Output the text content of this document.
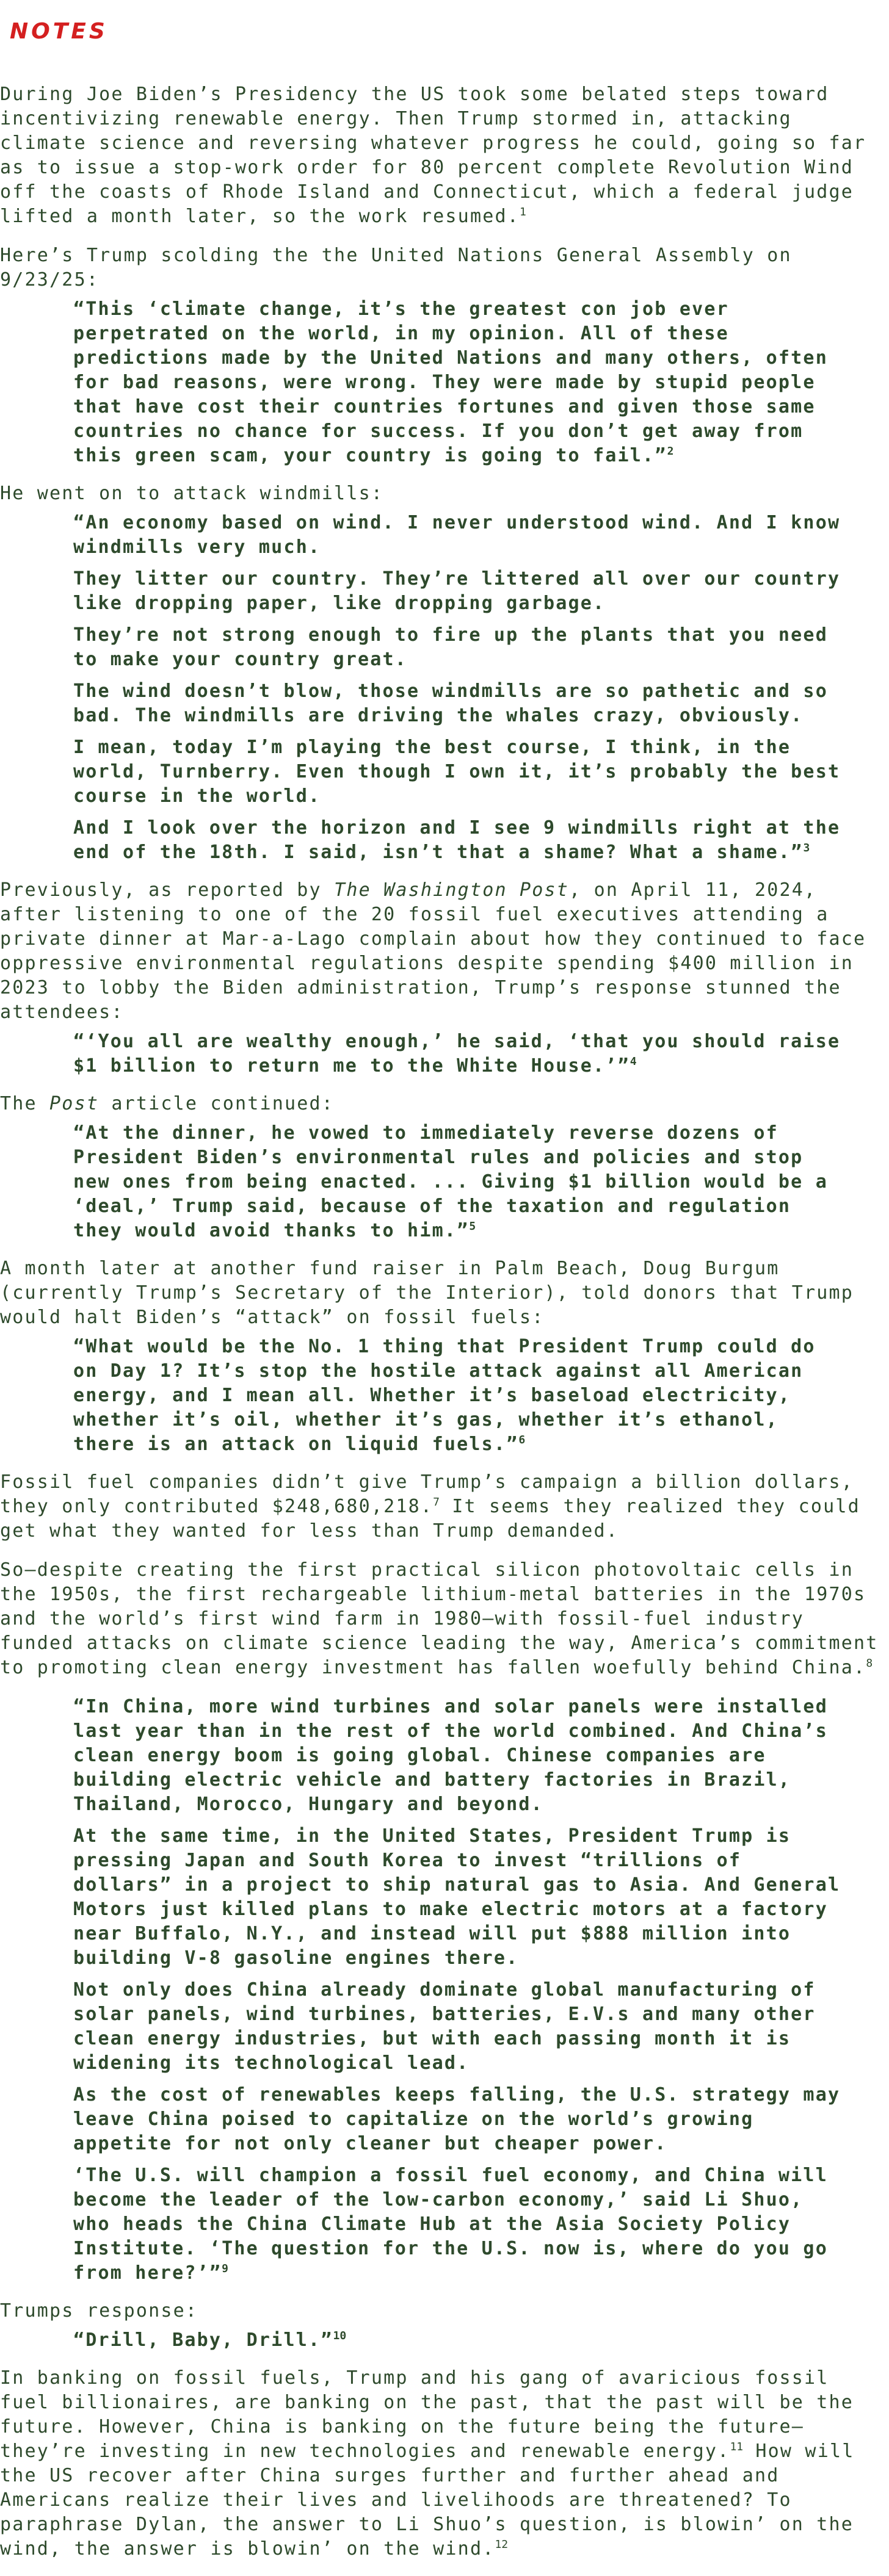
NOTES

During Joe Biden’s Presidency the US took some belated steps toward incentivizing renewable energy. Then Trump stormed in, attacking climate science and reversing whatever progress he could, going so far as to issue a stop-work order for 80 percent complete Revolution Wind off the coasts of Rhode Island and Connecticut, which a federal judge lifted a month later, so the work resumed.$^1$

Here’s Trump scolding the the United Nations General Assembly on 9/23/25:

“This ‘climate change, it’s the greatest con job ever perpetrated on the world, in my opinion. All of these predictions made by the United Nations and many others, often for bad reasons, were wrong. They were made by stupid people that have cost their countries fortunes and given those same countries no chance for success. If you don’t get away from this green scam, your country is going to fail.”$^2$

He went on to attack windmills:

“An economy based on wind. I never understood wind. And I know windmills very much.

They litter our country. They’re littered all over our country like dropping paper, like dropping garbage.

They’re not strong enough to fire up the plants that you need to make your country great.

The wind doesn’t blow, those windmills are so pathetic and so bad. The windmills are driving the whales crazy, obviously.

I mean, today I’m playing the best course, I think, in the world, Turnberry. Even though I own it, it’s probably the best course in the world.

And I look over the horizon and I see 9 windmills right at the end of the 18th. I said, isn’t that a shame? What a shame.”$^3$

Previously, as reported by The Washington Post, on April 11, 2024, after listening to one of the 20 fossil fuel executives attending a private dinner at Mar-a-Lago complain about how they continued to face oppressive environmental regulations despite spending $400 million in 2023 to lobby the Biden administration, Trump’s response stunned the attendees:

“‘You all are wealthy enough,’ he said, ‘that you should raise $1 billion to return me to the White House.’”$^4$

The Post article continued:

“At the dinner, he vowed to immediately reverse dozens of President Biden’s environmental rules and policies and stop new ones from being enacted. ... Giving $1 billion would be a ‘deal,’ Trump said, because of the taxation and regulation they would avoid thanks to him.”$^5$

A month later at another fund raiser in Palm Beach, Doug Burgum (currently Trump’s Secretary of the Interior), told donors that Trump would halt Biden’s “attack” on fossil fuels:

“What would be the No. 1 thing that President Trump could do on Day 1? It’s stop the hostile attack against all American energy, and I mean all. Whether it’s baseload electricity, whether it’s oil, whether it’s gas, whether it’s ethanol, there is an attack on liquid fuels.”$^6$

Fossil fuel companies didn’t give Trump’s campaign a billion dollars, they only contributed $248,680,218.$^7$ It seems they realized they could get what they wanted for less than Trump demanded.

So—despite creating the first practical silicon photovoltaic cells in the 1950s, the first rechargeable lithium-metal batteries in the 1970s and the world’s first wind farm in 1980—with fossil-fuel industry funded attacks on climate science leading the way, America’s commitment to promoting clean energy investment has fallen woefully behind China.$^8$

“In China, more wind turbines and solar panels were installed last year than in the rest of the world combined. And China’s clean energy boom is going global. Chinese companies are building electric vehicle and battery factories in Brazil, Thailand, Morocco, Hungary and beyond.

At the same time, in the United States, President Trump is pressing Japan and South Korea to invest “trillions of dollars” in a project to ship natural gas to Asia. And General Motors just killed plans to make electric motors at a factory near Buffalo, N.Y., and instead will put $888 million into building V-8 gasoline engines there.

Not only does China already dominate global manufacturing of solar panels, wind turbines, batteries, E.V.s and many other clean energy industries, but with each passing month it is widening its technological lead.

As the cost of renewables keeps falling, the U.S. strategy may leave China poised to capitalize on the world’s growing appetite for not only cleaner but cheaper power.

‘The U.S. will champion a fossil fuel economy, and China will become the leader of the low-carbon economy,’ said Li Shuo, who heads the China Climate Hub at the Asia Society Policy Institute. ‘The question for the U.S. now is, where do you go from here?’”$^9$

Trumps response:

“Drill, Baby, Drill.”$^{10}$

In banking on fossil fuels, Trump and his gang of avaricious fossil fuel billionaires, are banking on the past, that the past will be the future. However, China is banking on the future being the future—they’re investing in new technologies and renewable energy.$^{11}$ How will the US recover after China surges further and further ahead and Americans realize their lives and livelihoods are threatened? To paraphrase Dylan, the answer to Li Shuo’s question, is blowin’ on the wind, the answer is blowin’ on the wind.$^{12}$
